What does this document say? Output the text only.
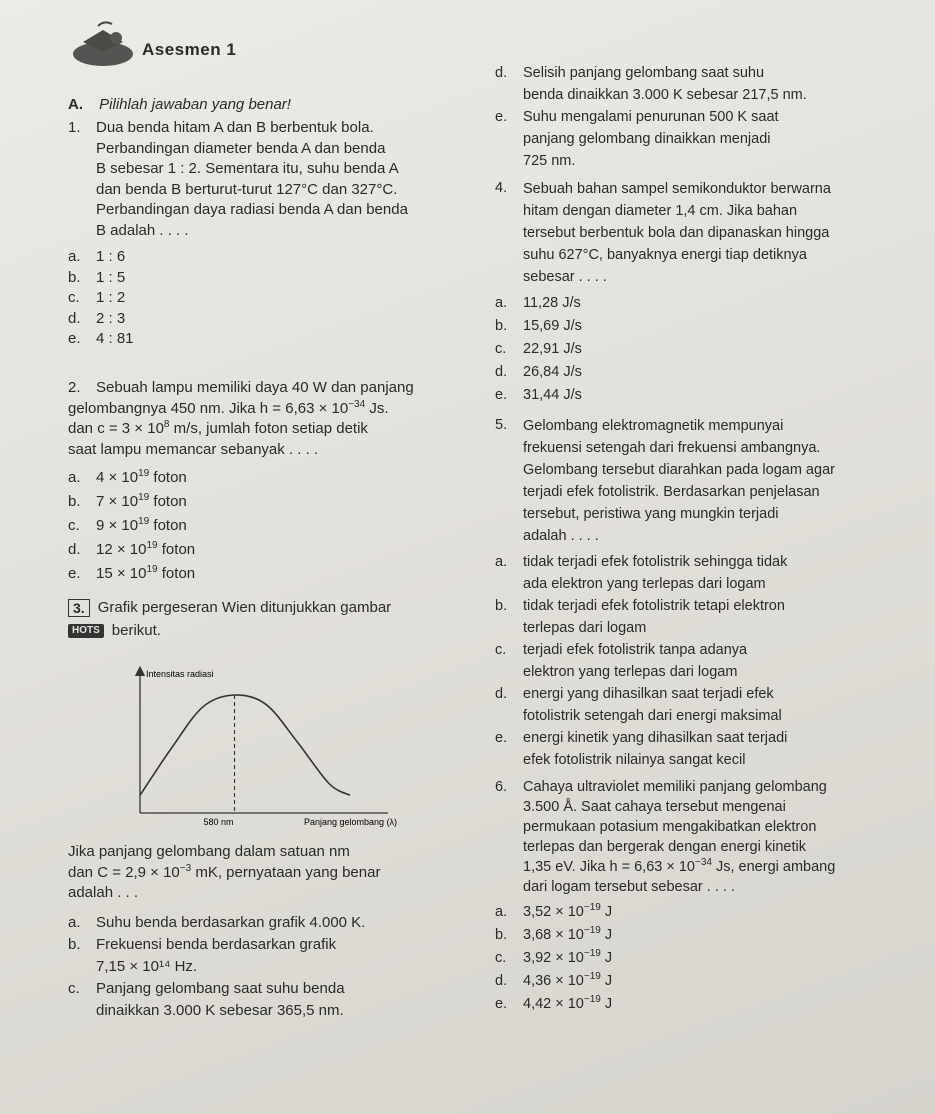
Asesmen 1
A. Pilihlah jawaban yang benar!
1.	Dua benda hitam A dan B berbentuk bola.
Perbandingan diameter benda A dan benda
B sebesar 1 : 2. Sementara itu, suhu benda A
dan benda B berturut-turut 127°C dan 327°C.
Perbandingan daya radiasi benda A dan benda
B adalah . . . .
a.	1 : 6
b.	1 : 5
c.	1 : 2
d.	2 : 3
e.	4 : 81
2.	Sebuah lampu memiliki daya 40 W dan panjang
gelombangnya 450 nm. Jika $h = 6,63 \times 10^{-34}$ Js.
dan $c = 3 \times 10^8$ m/s, jumlah foton setiap detik
saat lampu memancar sebanyak . . . .
a.	$4 \times 10^{19}$ foton
b.	$7 \times 10^{19}$ foton
c.	$9 \times 10^{19}$ foton
d.	$12 \times 10^{19}$ foton
e.	$15 \times 10^{19}$ foton
3. Grafik pergeseran Wien ditunjukkan gambar
HOTS berikut.
Intensitas radiasi
580 nm	Panjang gelombang (λ)
Jika panjang gelombang dalam satuan nm
dan $C = 2,9 \times 10^{-3}$ mK, pernyataan yang benar
adalah . . .
a.	Suhu benda berdasarkan grafik 4.000 K.
b.	Frekuensi benda berdasarkan grafik
7,15 × 10¹⁴ Hz.
c.	Panjang gelombang saat suhu benda
dinaikkan 3.000 K sebesar 365,5 nm.
d.	Selisih panjang gelombang saat suhu
benda dinaikkan 3.000 K sebesar 217,5 nm.
e.	Suhu mengalami penurunan 500 K saat
panjang gelombang dinaikkan menjadi
725 nm.
4.	Sebuah bahan sampel semikonduktor berwarna
hitam dengan diameter 1,4 cm. Jika bahan
tersebut berbentuk bola dan dipanaskan hingga
suhu 627°C, banyaknya energi tiap detiknya
sebesar . . . .
a.	11,28 J/s
b.	15,69 J/s
c.	22,91 J/s
d.	26,84 J/s
e.	31,44 J/s
5.	Gelombang elektromagnetik mempunyai
frekuensi setengah dari frekuensi ambangnya.
Gelombang tersebut diarahkan pada logam agar
terjadi efek fotolistrik. Berdasarkan penjelasan
tersebut, peristiwa yang mungkin terjadi
adalah . . . .
a.	tidak terjadi efek fotolistrik sehingga tidak
ada elektron yang terlepas dari logam
b.	tidak terjadi efek fotolistrik tetapi elektron
terlepas dari logam
c.	terjadi efek fotolistrik tanpa adanya
elektron yang terlepas dari logam
d.	energi yang dihasilkan saat terjadi efek
fotolistrik setengah dari energi maksimal
e.	energi kinetik yang dihasilkan saat terjadi
efek fotolistrik nilainya sangat kecil
6.	Cahaya ultraviolet memiliki panjang gelombang
3.500 Å. Saat cahaya tersebut mengenai
permukaan potasium mengakibatkan elektron
terlepas dan bergerak dengan energi kinetik
1,35 eV. Jika $h = 6,63 \times 10^{-34}$ Js, energi ambang
dari logam tersebut sebesar . . . .
a.	$3,52 \times 10^{-19}$ J
b.	$3,68 \times 10^{-19}$ J
c.	$3,92 \times 10^{-19}$ J
d.	$4,36 \times 10^{-19}$ J
e.	$4,42 \times 10^{-19}$ J
